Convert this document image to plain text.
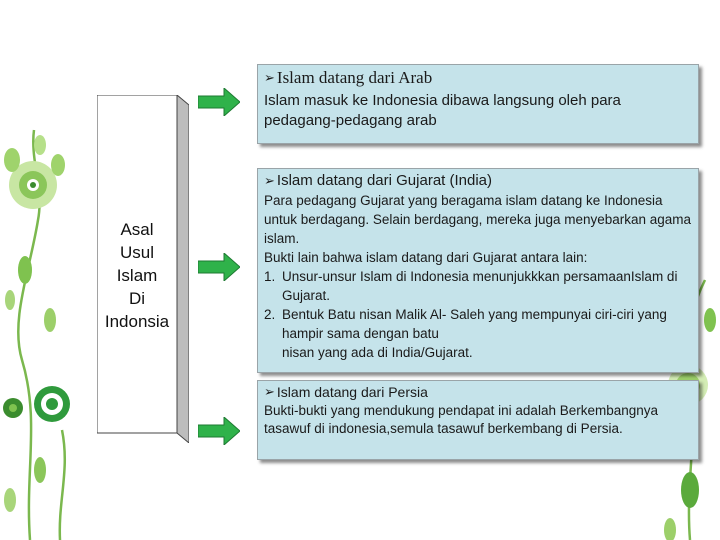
Asal
Usul
Islam
Di
Indonsia
➢ Islam datang dari Arab

Islam masuk ke Indonesia dibawa langsung oleh para pedagang-pedagang arab

➢ Islam datang dari Gujarat (India)

Para pedagang Gujarat yang beragama islam datang ke Indonesia untuk berdagang. Selain berdagang, mereka juga menyebarkan agama islam.

Bukti lain bahwa islam datang dari Gujarat antara lain:

1. Unsur-unsur Islam di Indonesia menunjukkkan persamaanIslam di Gujarat.
2. Bentuk Batu nisan Malik Al- Saleh yang mempunyai ciri-ciri yang hampir sama dengan batu

nisan yang ada di India/Gujarat.

➢ Islam datang dari Persia

Bukti-bukti yang mendukung pendapat ini adalah Berkembangnya tasawuf di indonesia,semula tasawuf berkembang di Persia.
